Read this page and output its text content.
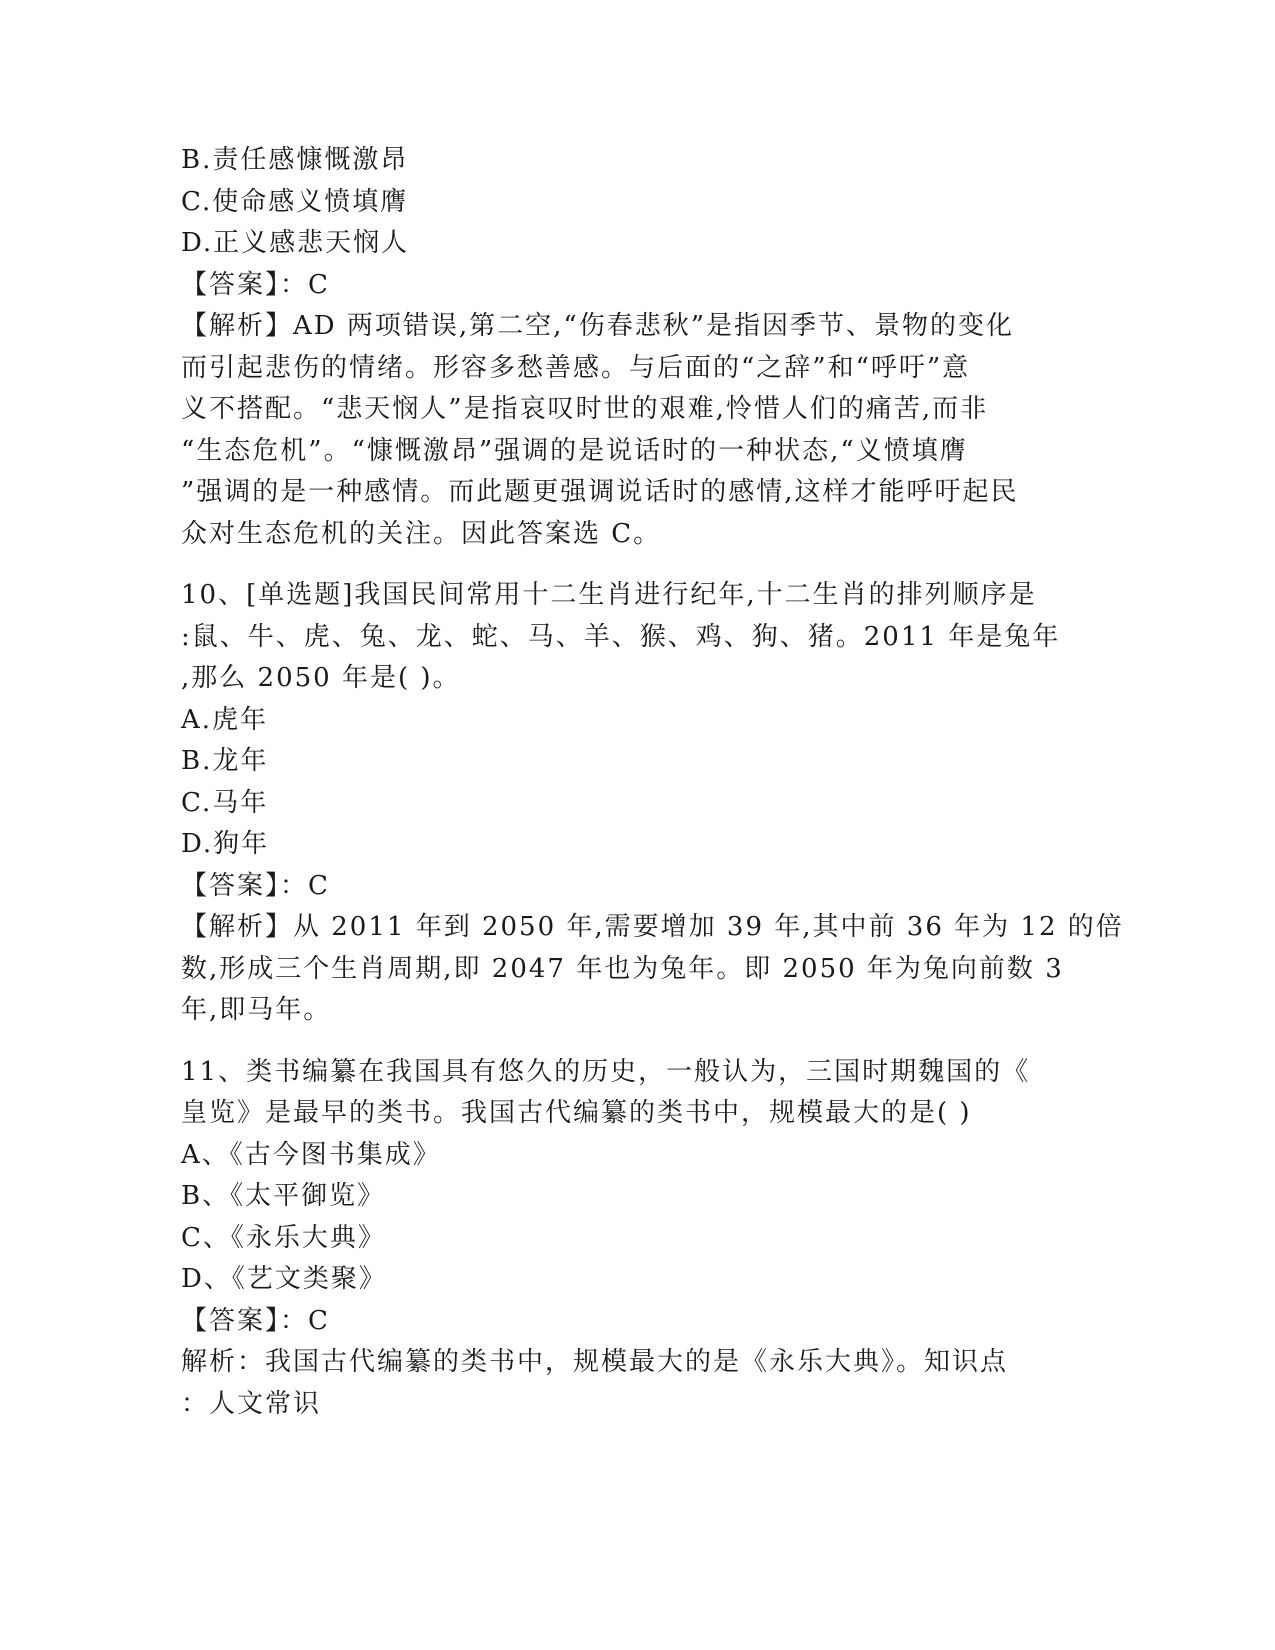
B.责任感慷慨激昂
C.使命感义愤填膺
D.正义感悲天悯人
【答案】：C
【解析】AD 两项错误,第二空,“伤春悲秋”是指因季节、景物的变化
而引起悲伤的情绪。形容多愁善感。与后面的“之辞”和“呼吁”意
义不搭配。“悲天悯人”是指哀叹时世的艰难,怜惜人们的痛苦,而非
“生态危机”。“慷慨激昂”强调的是说话时的一种状态,“义愤填膺
”强调的是一种感情。而此题更强调说话时的感情,这样才能呼吁起民
众对生态危机的关注。因此答案选 C。
10、[单选题]我国民间常用十二生肖进行纪年,十二生肖的排列顺序是
:鼠、牛、虎、兔、龙、蛇、马、羊、猴、鸡、狗、猪。2011 年是兔年
,那么 2050 年是( )。
A.虎年
B.龙年
C.马年
D.狗年
【答案】：C
【解析】从 2011 年到 2050 年,需要增加 39 年,其中前 36 年为 12 的倍
数,形成三个生肖周期,即 2047 年也为兔年。即 2050 年为兔向前数 3
年,即马年。
11、类书编纂在我国具有悠久的历史，一般认为，三国时期魏国的《
皇览》是最早的类书。我国古代编纂的类书中，规模最大的是( )
A、《古今图书集成》
B、《太平御览》
C、《永乐大典》
D、《艺文类聚》
【答案】：C
解析：我国古代编纂的类书中，规模最大的是《永乐大典》。知识点
：人文常识
